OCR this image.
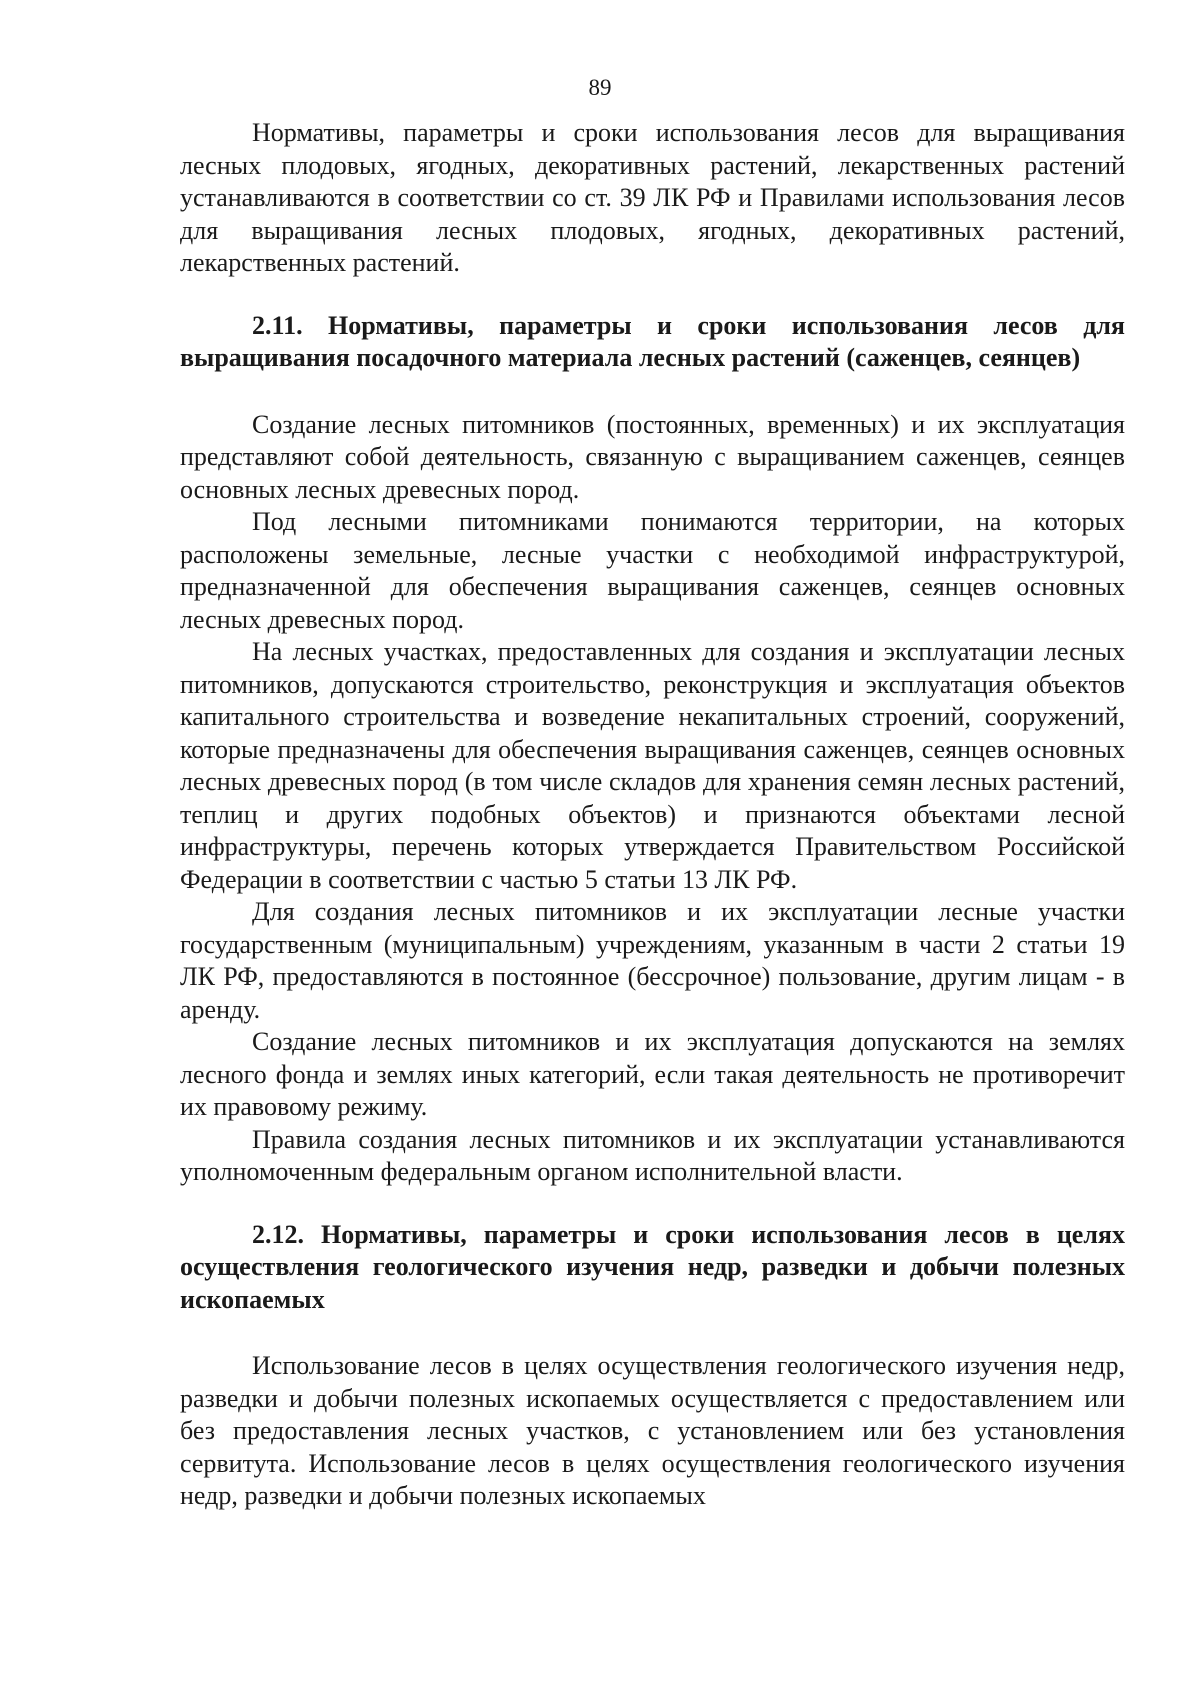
89

Нормативы, параметры и сроки использования лесов для выращивания лесных плодовых, ягодных, декоративных растений, лекарственных растений устанавливаются в соответствии со ст. 39 ЛК РФ и Правилами использования лесов для выращивания лесных плодовых, ягодных, декоративных растений, лекарственных растений.

2.11. Нормативы, параметры и сроки использования лесов для выращивания посадочного материала лесных растений (саженцев, сеянцев)

Создание лесных питомников (постоянных, временных) и их эксплуатация представляют собой деятельность, связанную с выращиванием саженцев, сеянцев основных лесных древесных пород.

Под лесными питомниками понимаются территории, на которых расположены земельные, лесные участки с необходимой инфраструктурой, предназначенной для обеспечения выращивания саженцев, сеянцев основных лесных древесных пород.

На лесных участках, предоставленных для создания и эксплуатации лесных питомников, допускаются строительство, реконструкция и эксплуатация объектов капитального строительства и возведение некапитальных строений, сооружений, которые предназначены для обеспечения выращивания саженцев, сеянцев основных лесных древесных пород (в том числе складов для хранения семян лесных растений, теплиц и других подобных объектов) и признаются объектами лесной инфраструктуры, перечень которых утверждается Правительством Российской Федерации в соответствии с частью 5 статьи 13 ЛК РФ.

Для создания лесных питомников и их эксплуатации лесные участки государственным (муниципальным) учреждениям, указанным в части 2 статьи 19 ЛК РФ, предоставляются в постоянное (бессрочное) пользование, другим лицам - в аренду.

Создание лесных питомников и их эксплуатация допускаются на землях лесного фонда и землях иных категорий, если такая деятельность не противоречит их правовому режиму.

Правила создания лесных питомников и их эксплуатации устанавливаются уполномоченным федеральным органом исполнительной власти.

2.12. Нормативы, параметры и сроки использования лесов в целях осуществления геологического изучения недр, разведки и добычи полезных ископаемых

Использование лесов в целях осуществления геологического изучения недр, разведки и добычи полезных ископаемых осуществляется с предоставлением или без предоставления лесных участков, с установлением или без установления сервитута. Использование лесов в целях осуществления геологического изучения недр, разведки и добычи полезных ископаемых
